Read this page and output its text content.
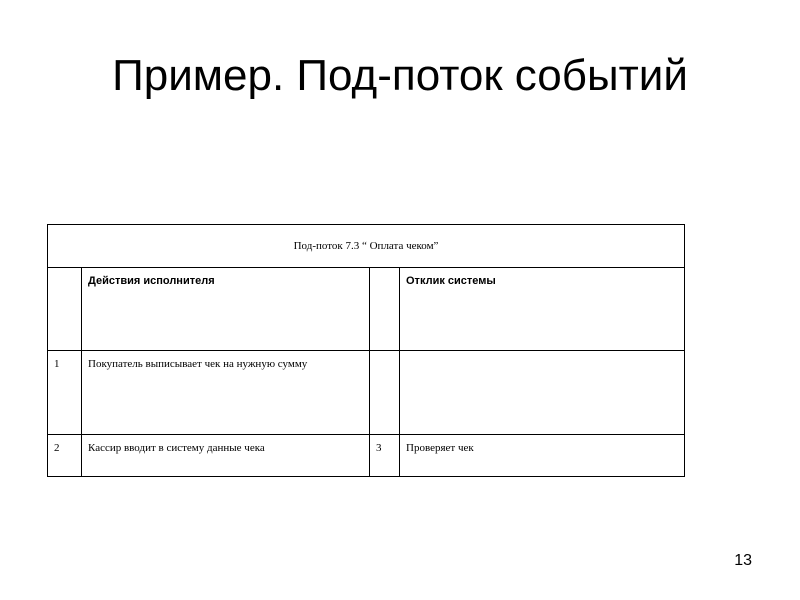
Пример. Под-поток событий
Под-поток 7.3 “ Оплата чеком”			

	Действия исполнителя		Отклик системы

1	Покупатель выписывает чек на нужную сумму		

2	Кассир вводит в систему данные чека	3	Проверяет чек
13
